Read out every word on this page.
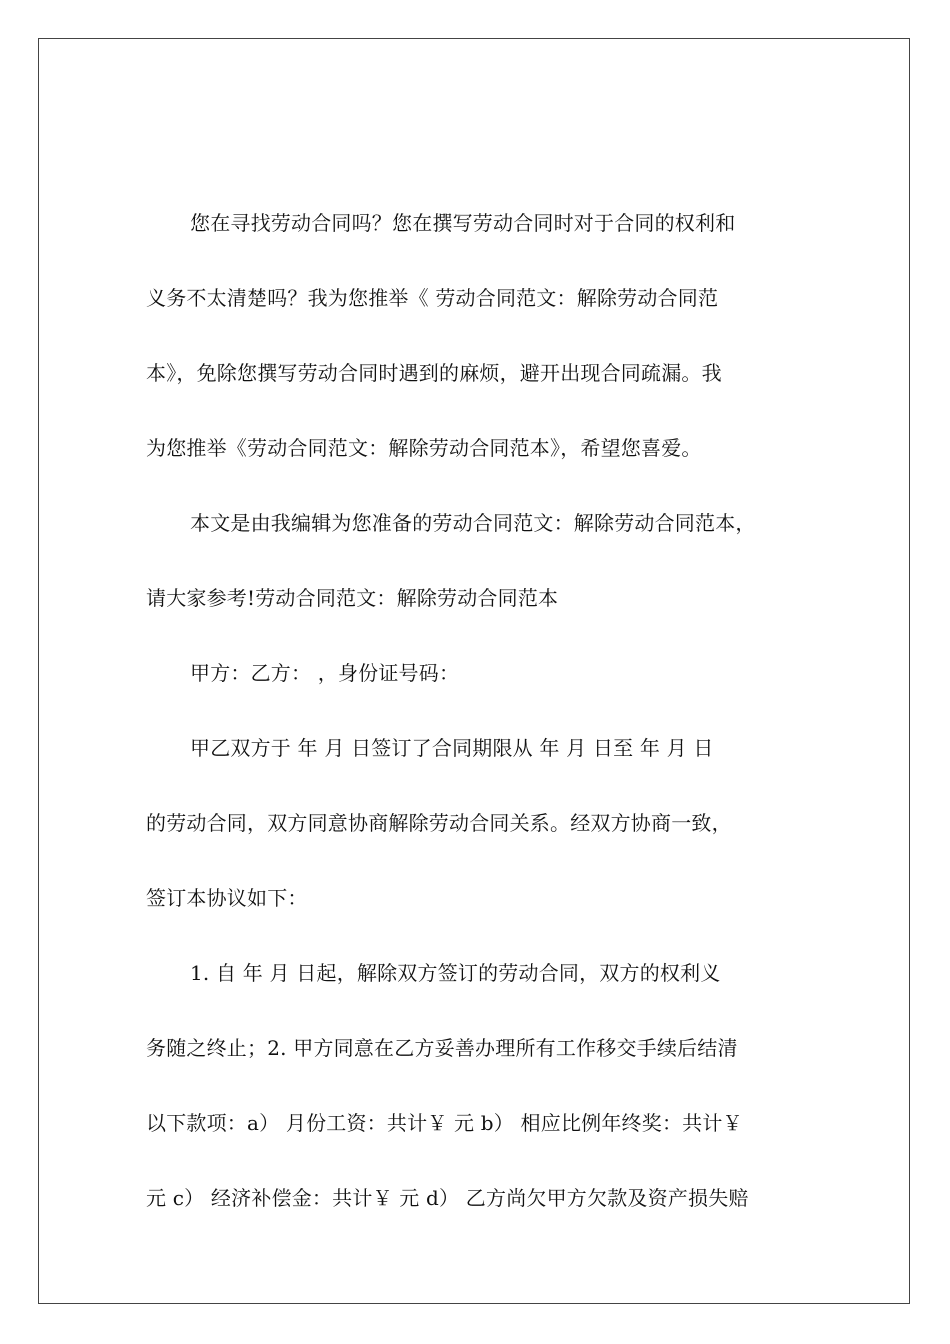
您在寻找劳动合同吗？您在撰写劳动合同时对于合同的权利和
义务不太清楚吗？我为您推举《 劳动合同范文：解除劳动合同范
本》，免除您撰写劳动合同时遇到的麻烦，避开出现合同疏漏。我
为您推举《劳动合同范文：解除劳动合同范本》，希望您喜爱。
本文是由我编辑为您准备的劳动合同范文：解除劳动合同范本，
请大家参考!劳动合同范文：解除劳动合同范本
甲方：乙方： ，身份证号码：
甲乙双方于 年 月 日签订了合同期限从 年 月 日至 年 月 日
的劳动合同，双方同意协商解除劳动合同关系。经双方协商一致，
签订本协议如下：
1. 自 年 月 日起，解除双方签订的劳动合同，双方的权利义
务随之终止；2. 甲方同意在乙方妥善办理所有工作移交手续后结清
以下款项：a） 月份工资：共计￥ 元 b） 相应比例年终奖：共计￥
元 c） 经济补偿金：共计￥ 元 d） 乙方尚欠甲方欠款及资产损失赔
